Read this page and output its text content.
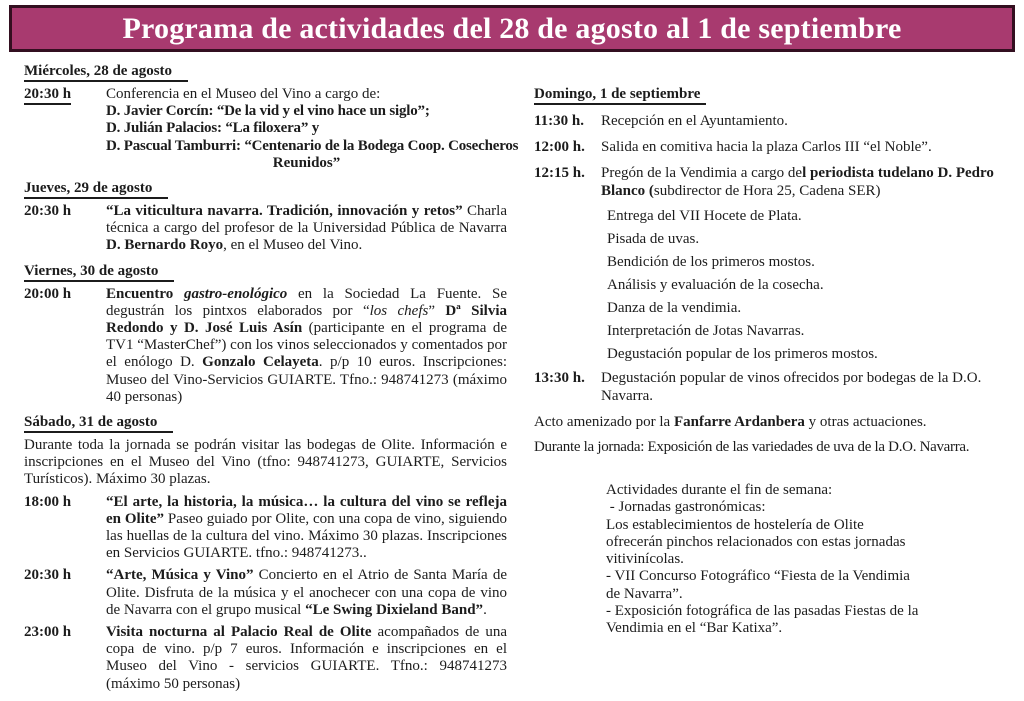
Programa de actividades del 28 de agosto al 1 de septiembre
Miércoles, 28 de agosto
20:30 h	Conferencia en el Museo del Vino a cargo de:

D. Javier Corcín: “De la vid y el vino hace un siglo”;

D. Julián Palacios: “La filoxera” y

D. Pascual Tamburri: “Centenario de la Bodega Coop. Cosecheros

Reunidos”

Jueves, 29 de agosto
20:30 h	“La viticultura navarra. Tradición, innovación y retos” Charla técnica a cargo del profesor de la Universidad Pública de Navarra D. Bernardo Royo, en el Museo del Vino.

Viernes, 30 de agosto
20:00 h	Encuentro gastro-enológico en la Sociedad La Fuente. Se degustrán los pintxos elaborados por “los chefs” Dª Silvia Redondo y D. José Luis Asín (participante en el programa de TV1 “MasterChef”) con los vinos seleccionados y comentados por el enólogo D. Gonzalo Celayeta. p/p 10 euros. Inscripciones: Museo del Vino-Servicios GUIARTE. Tfno.: 948741273 (máximo 40 personas)

Sábado, 31 de agosto

Durante toda la jornada se podrán visitar las bodegas de Olite. Información e inscripciones en el Museo del Vino (tfno: 948741273, GUIARTE, Servicios Turísticos). Máximo 30 plazas.

18:00 h	“El arte, la historia, la música… la cultura del vino se refleja en Olite” Paseo guiado por Olite, con una copa de vino, siguiendo las huellas de la cultura del vino. Máximo 30 plazas. Inscripciones en Servicios GUIARTE. tfno.: 948741273..

20:30 h	“Arte, Música y Vino” Concierto en el Atrio de Santa María de Olite. Disfruta de la música y el anochecer con una copa de vino de Navarra con el grupo musical “Le Swing Dixieland Band”.

23:00 h	Visita nocturna al Palacio Real de Olite acompañados de una copa de vino. p/p 7 euros. Información e inscripciones en el Museo del Vino - servicios GUIARTE. Tfno.: 948741273 (máximo 50 personas)

Domingo, 1 de septiembre
11:30 h.	Recepción en el Ayuntamiento.

12:00 h.	Salida en comitiva hacia la plaza Carlos III “el Noble”.

12:15 h.	Pregón de la Vendimia a cargo del periodista tudelano D. Pedro Blanco (subdirector de Hora 25, Cadena SER)

Entrega del VII Hocete de Plata.
Pisada de uvas.
Bendición de los primeros mostos.
Análisis y evaluación de la cosecha.
Danza de la vendimia.
Interpretación de Jotas Navarras.
Degustación popular de los primeros mostos.
13:30 h.	Degustación popular de vinos ofrecidos por bodegas de la D.O. Navarra.

Acto amenizado por la Fanfarre Ardanbera y otras actuaciones.

Durante la jornada: Exposición de las variedades de uva de la D.O. Navarra.

Actividades durante el fin de semana:
- Jornadas gastronómicas:
Los establecimientos de hostelería de Olite
ofrecerán pinchos relacionados con estas jornadas
vitivinícolas.
- VII Concurso Fotográfico “Fiesta de la Vendimia
de Navarra”.
- Exposición fotográfica de las pasadas Fiestas de la
Vendimia en el “Bar Katixa”.
